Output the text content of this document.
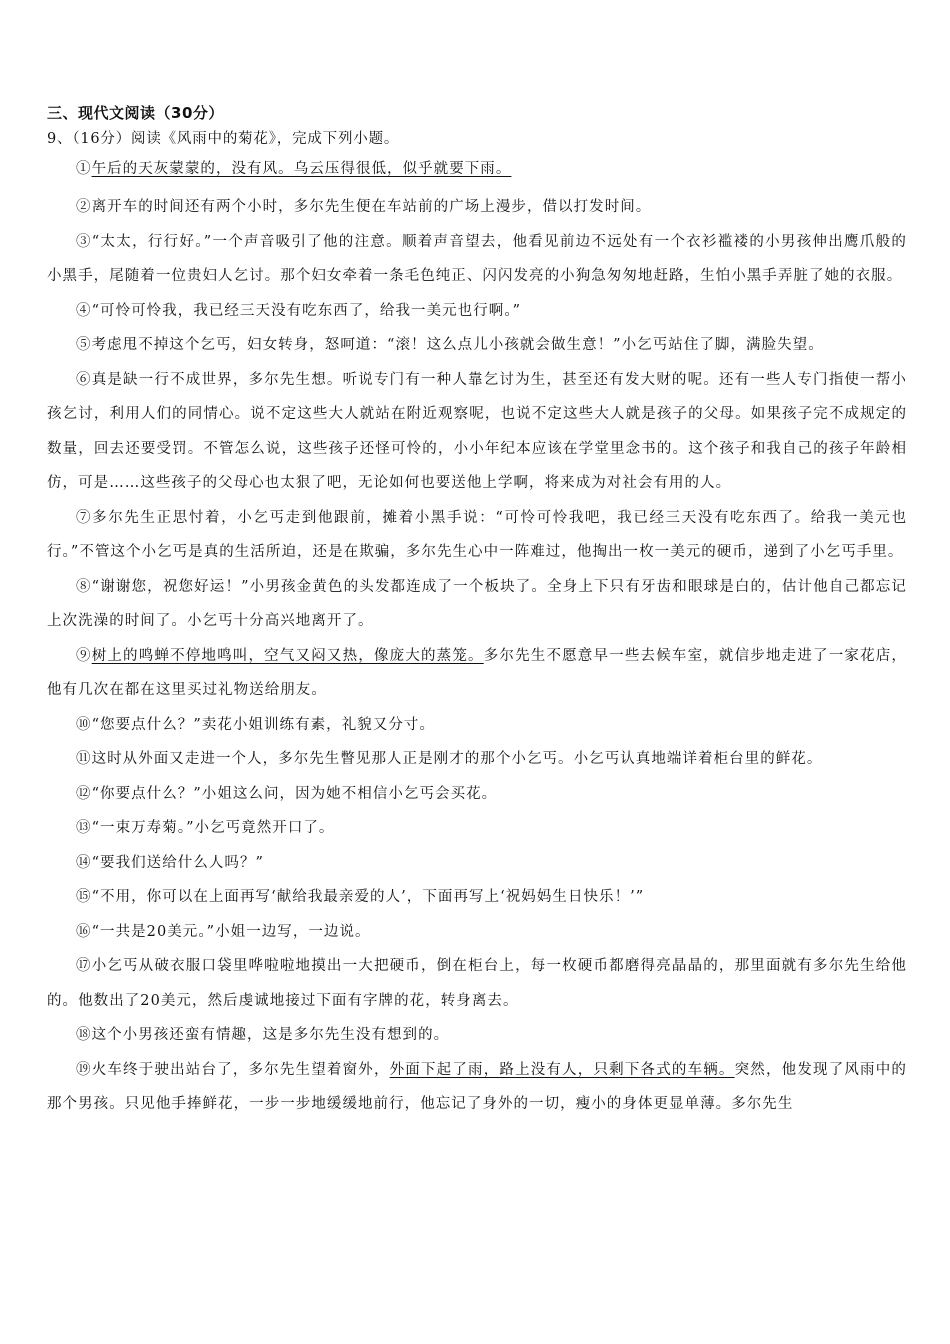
三、现代文阅读（30分）
9、（16分）阅读《风雨中的菊花》，完成下列小题。

①午后的天灰蒙蒙的，没有风。乌云压得很低，似乎就要下雨。

②离开车的时间还有两个小时，多尔先生便在车站前的广场上漫步，借以打发时间。

③“太太，行行好。”一个声音吸引了他的注意。顺着声音望去，他看见前边不远处有一个衣衫褴褛的小男孩伸出鹰爪般的小黑手，尾随着一位贵妇人乞讨。那个妇女牵着一条毛色纯正、闪闪发亮的小狗急匆匆地赶路，生怕小黑手弄脏了她的衣服。

④“可怜可怜我，我已经三天没有吃东西了，给我一美元也行啊。”

⑤考虑甩不掉这个乞丐，妇女转身，怒呵道：“滚！这么点儿小孩就会做生意！”小乞丐站住了脚，满脸失望。

⑥真是缺一行不成世界，多尔先生想。听说专门有一种人靠乞讨为生，甚至还有发大财的呢。还有一些人专门指使一帮小孩乞讨，利用人们的同情心。说不定这些大人就站在附近观察呢，也说不定这些大人就是孩子的父母。如果孩子完不成规定的数量，回去还要受罚。不管怎么说，这些孩子还怪可怜的，小小年纪本应该在学堂里念书的。这个孩子和我自己的孩子年龄相仿，可是……这些孩子的父母心也太狠了吧，无论如何也要送他上学啊，将来成为对社会有用的人。

⑦多尔先生正思忖着，小乞丐走到他跟前，摊着小黑手说：“可怜可怜我吧，我已经三天没有吃东西了。给我一美元也行。”不管这个小乞丐是真的生活所迫，还是在欺骗，多尔先生心中一阵难过，他掏出一枚一美元的硬币，递到了小乞丐手里。

⑧“谢谢您，祝您好运！”小男孩金黄色的头发都连成了一个板块了。全身上下只有牙齿和眼球是白的，估计他自己都忘记上次洗澡的时间了。小乞丐十分高兴地离开了。

⑨树上的鸣蝉不停地鸣叫，空气又闷又热，像庞大的蒸笼。多尔先生不愿意早一些去候车室，就信步地走进了一家花店，他有几次在都在这里买过礼物送给朋友。

⑩“您要点什么？”卖花小姐训练有素，礼貌又分寸。

⑪这时从外面又走进一个人，多尔先生瞥见那人正是刚才的那个小乞丐。小乞丐认真地端详着柜台里的鲜花。

⑫“你要点什么？”小姐这么问，因为她不相信小乞丐会买花。

⑬“一束万寿菊。”小乞丐竟然开口了。

⑭“要我们送给什么人吗？”

⑮“不用，你可以在上面再写‘献给我最亲爱的人’，下面再写上‘祝妈妈生日快乐！’”

⑯“一共是20美元。”小姐一边写，一边说。

⑰小乞丐从破衣服口袋里哗啦啦地摸出一大把硬币，倒在柜台上，每一枚硬币都磨得亮晶晶的，那里面就有多尔先生给他的。他数出了20美元，然后虔诚地接过下面有字牌的花，转身离去。

⑱这个小男孩还蛮有情趣，这是多尔先生没有想到的。

⑲火车终于驶出站台了，多尔先生望着窗外，外面下起了雨，路上没有人，只剩下各式的车辆。突然，他发现了风雨中的那个男孩。只见他手捧鲜花，一步一步地缓缓地前行，他忘记了身外的一切，瘦小的身体更显单薄。多尔先生
